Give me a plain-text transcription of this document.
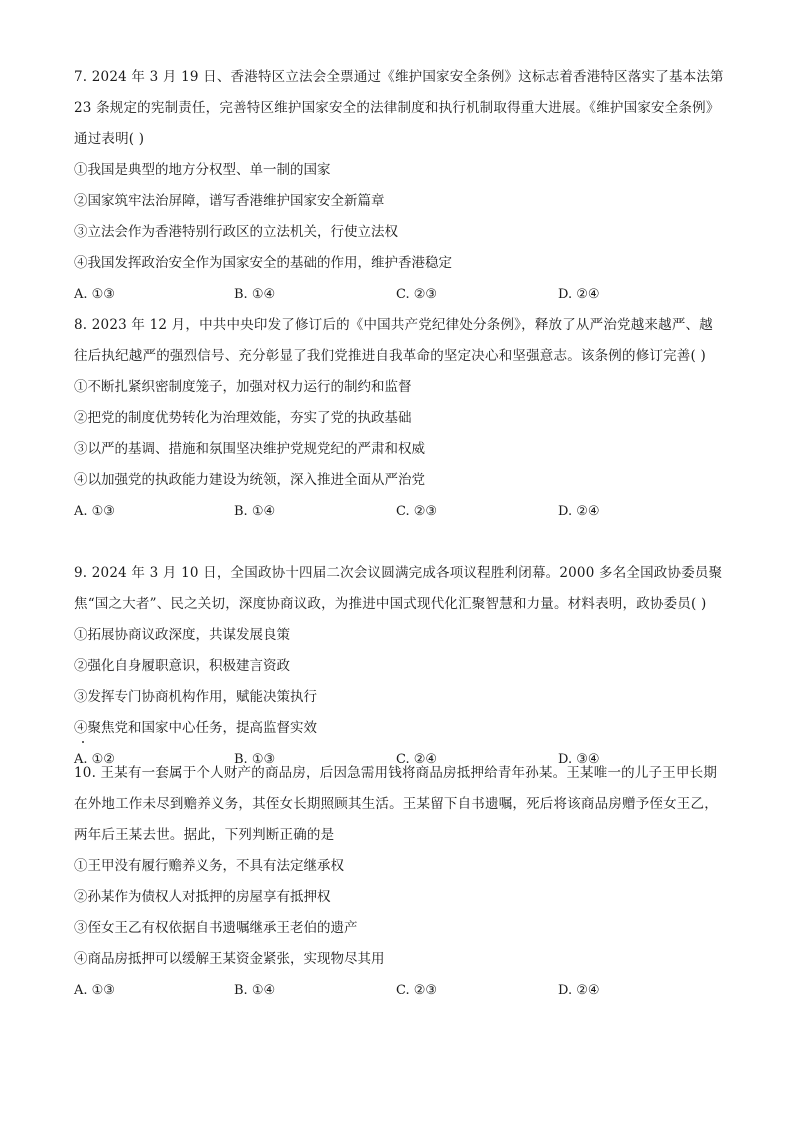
7. 2024 年 3 月 19 日、香港特区立法会全票通过《维护国家安全条例》这标志着香港特区落实了基本法第 23 条规定的宪制责任，完善特区维护国家安全的法律制度和执行机制取得重大进展。《维护国家安全条例》通过表明( )

①我国是典型的地方分权型、单一制的国家

②国家筑牢法治屏障，谱写香港维护国家安全新篇章

③立法会作为香港特别行政区的立法机关，行使立法权

④我国发挥政治安全作为国家安全的基础的作用，维护香港稳定

A. ①③	B. ①④	C. ②③	D. ②④

8. 2023 年 12 月，中共中央印发了修订后的《中国共产党纪律处分条例》，释放了从严治党越来越严、越往后执纪越严的强烈信号、充分彰显了我们党推进自我革命的坚定决心和坚强意志。该条例的修订完善( )

①不断扎紧织密制度笼子，加强对权力运行的制约和监督

②把党的制度优势转化为治理效能，夯实了党的执政基础

③以严的基调、措施和氛围坚决维护党规党纪的严肃和权威

④以加强党的执政能力建设为统领，深入推进全面从严治党

A. ①③	B. ①④	C. ②③	D. ②④

9. 2024 年 3 月 10 日，全国政协十四届二次会议圆满完成各项议程胜利闭幕。2000 多名全国政协委员聚焦“国之大者”、民之关切，深度协商议政，为推进中国式现代化汇聚智慧和力量。材料表明，政协委员( )

①拓展协商议政深度，共谋发展良策

②强化自身履职意识，积极建言资政

③发挥专门协商机构作用，赋能决策执行

④聚焦党和国家中心任务，提高监督实效

A. ①②	B. ①③	C. ②④	D. ③④

10. 王某有一套属于个人财产的商品房，后因急需用钱将商品房抵押给青年孙某。王某唯一的儿子王甲长期在外地工作未尽到赡养义务，其侄女长期照顾其生活。王某留下自书遗嘱，死后将该商品房赠予侄女王乙，两年后王某去世。据此，下列判断正确的是

①王甲没有履行赡养义务，不具有法定继承权

②孙某作为债权人对抵押的房屋享有抵押权

③侄女王乙有权依据自书遗嘱继承王老伯的遗产

④商品房抵押可以缓解王某资金紧张，实现物尽其用

A. ①③	B. ①④	C. ②③	D. ②④
